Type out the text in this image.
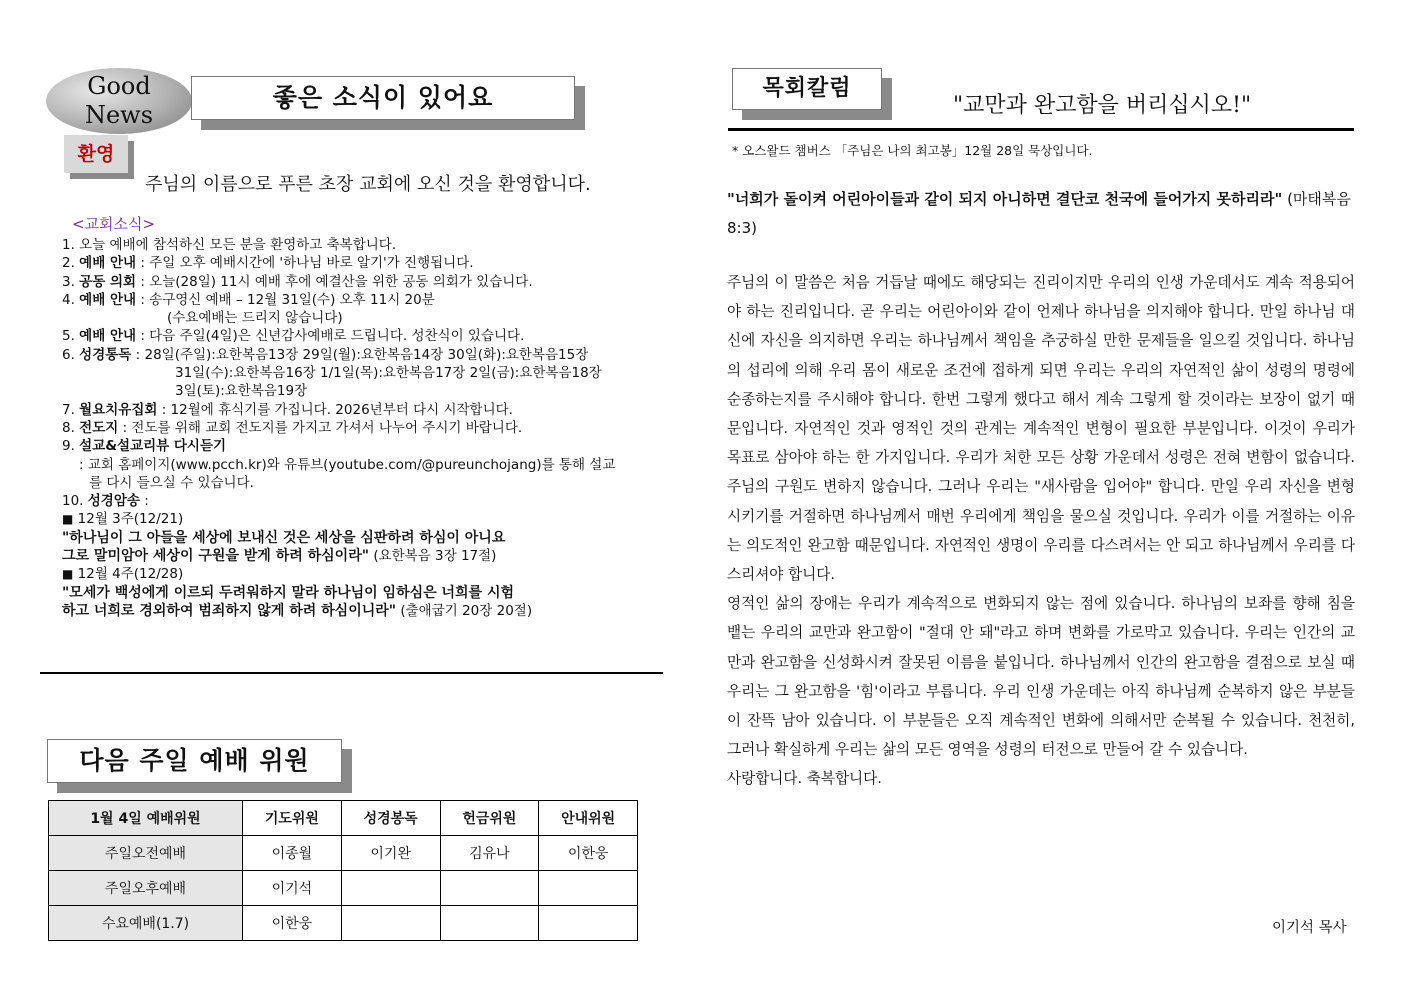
Good
News
좋은 소식이 있어요
환영
주님의 이름으로 푸른 초장 교회에 오신 것을 환영합니다.
<교회소식>
1. 오늘 예배에 참석하신 모든 분을 환영하고 축복합니다.
2. 예배 안내 : 주일 오후 예배시간에 '하나님 바로 알기'가 진행됩니다.
3. 공동 의회 : 오늘(28일) 11시 예배 후에 예결산을 위한 공동 의회가 있습니다.
4. 예배 안내 : 송구영신 예배 – 12월 31일(수) 오후 11시 20분
(수요예배는 드리지 않습니다)
5. 예배 안내 : 다음 주일(4일)은 신년감사예배로 드립니다. 성찬식이 있습니다.
6. 성경통독 : 28일(주일):요한복음13장 29일(월):요한복음14장 30일(화):요한복음15장
31일(수):요한복음16장 1/1일(목):요한복음17장 2일(금):요한복음18장
3일(토):요한복음19장
7. 월요치유집회 : 12월에 휴식기를 가집니다. 2026년부터 다시 시작합니다.
8. 전도지 : 전도를 위해 교회 전도지를 가지고 가셔서 나누어 주시기 바랍니다.
9. 설교&설교리뷰 다시듣기
: 교회 홈페이지(www.pcch.kr)와 유튜브(youtube.com/@pureunchojang)를 통해 설교
를 다시 들으실 수 있습니다.
10. 성경암송 :
■ 12월 3주(12/21)
"하나님이 그 아들을 세상에 보내신 것은 세상을 심판하려 하심이 아니요
그로 말미암아 세상이 구원을 받게 하려 하심이라" (요한복음 3장 17절)
■ 12월 4주(12/28)
"모세가 백성에게 이르되 두려워하지 말라 하나님이 임하심은 너희를 시험
하고 너희로 경외하여 범죄하지 않게 하려 하심이니라" (출애굽기 20장 20절)
다음 주일 예배 위원
1월 4일 예배위원	기도위원	성경봉독	헌금위원	안내위원
주일오전예배	이종월	이기완	김유나	이한웅
주일오후예배	이기석			
수요예배(1.7)	이한웅			
목회칼럼
"교만과 완고함을 버리십시오!"
* 오스왈드 챔버스 「주님은 나의 최고봉」12월 28일 묵상입니다.
"너희가 돌이켜 어린아이들과 같이 되지 아니하면 결단코 천국에 들어가지 못하리라" (마태복음 8:3)

주님의 이 말씀은 처음 거듭날 때에도 해당되는 진리이지만 우리의 인생 가운데서도 계속 적용되어야 하는 진리입니다. 곧 우리는 어린아이와 같이 언제나 하나님을 의지해야 합니다. 만일 하나님 대신에 자신을 의지하면 우리는 하나님께서 책임을 추궁하실 만한 문제들을 일으킬 것입니다. 하나님의 섭리에 의해 우리 몸이 새로운 조건에 접하게 되면 우리는 우리의 자연적인 삶이 성령의 명령에 순종하는지를 주시해야 합니다. 한번 그렇게 했다고 해서 계속 그렇게 할 것이라는 보장이 없기 때문입니다. 자연적인 것과 영적인 것의 관계는 계속적인 변형이 필요한 부분입니다. 이것이 우리가 목표로 삼아야 하는 한 가지입니다. 우리가 처한 모든 상황 가운데서 성령은 전혀 변함이 없습니다. 주님의 구원도 변하지 않습니다. 그러나 우리는 "새사람을 입어야" 합니다. 만일 우리 자신을 변형시키기를 거절하면 하나님께서 매번 우리에게 책임을 물으실 것입니다. 우리가 이를 거절하는 이유는 의도적인 완고함 때문입니다. 자연적인 생명이 우리를 다스려서는 안 되고 하나님께서 우리를 다스리셔야 합니다.

영적인 삶의 장애는 우리가 계속적으로 변화되지 않는 점에 있습니다. 하나님의 보좌를 향해 침을 뱉는 우리의 교만과 완고함이 "절대 안 돼"라고 하며 변화를 가로막고 있습니다. 우리는 인간의 교만과 완고함을 신성화시켜 잘못된 이름을 붙입니다. 하나님께서 인간의 완고함을 결점으로 보실 때 우리는 그 완고함을 '힘'이라고 부릅니다. 우리 인생 가운데는 아직 하나님께 순복하지 않은 부분들이 잔뜩 남아 있습니다. 이 부분들은 오직 계속적인 변화에 의해서만 순복될 수 있습니다. 천천히, 그러나 확실하게 우리는 삶의 모든 영역을 성령의 터전으로 만들어 갈 수 있습니다.

사랑합니다. 축복합니다.

이기석 목사
